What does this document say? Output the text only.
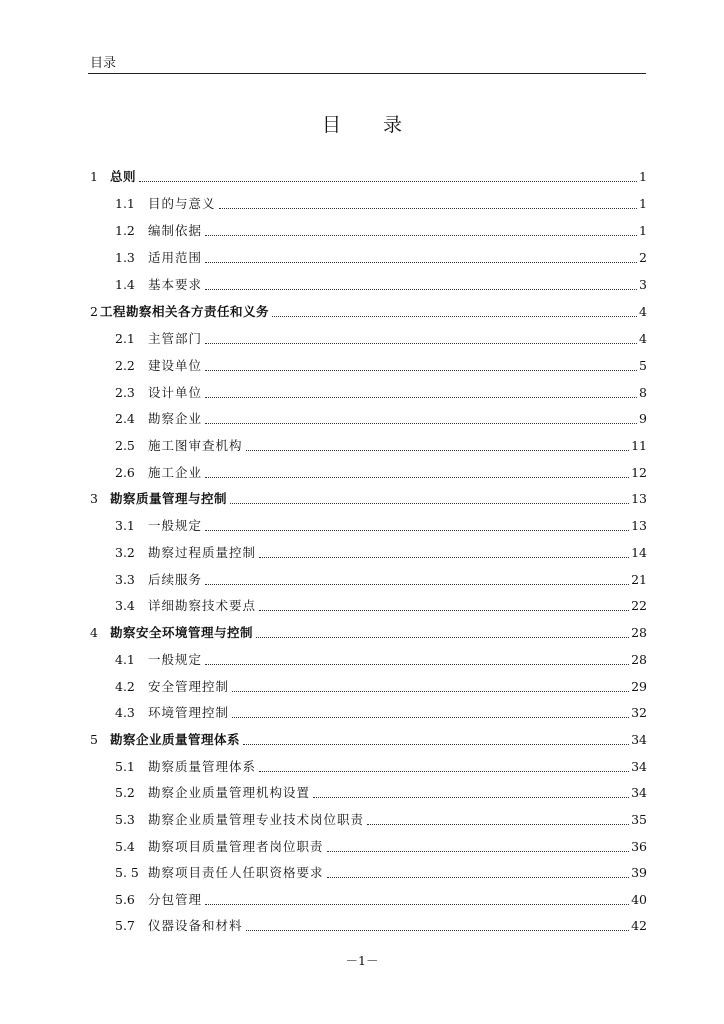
目录
目 录
1 总则	1
1.1	目的与意义	1
1.2	编制依据	1
1.3	适用范围	2
1.4	基本要求	3
2 工程勘察相关各方责任和义务	4
2.1	主管部门	4
2.2	建设单位	5
2.3	设计单位	8
2.4	勘察企业	9
2.5	施工图审查机构	11
2.6	施工企业	12
3 勘察质量管理与控制	13
3.1	一般规定	13
3.2	勘察过程质量控制	14
3.3	后续服务	21
3.4	详细勘察技术要点	22
4 勘察安全环境管理与控制	28
4.1	一般规定	28
4.2	安全管理控制	29
4.3	环境管理控制	32
5 勘察企业质量管理体系	34
5.1	勘察质量管理体系	34
5.2	勘察企业质量管理机构设置	34
5.3	勘察企业质量管理专业技术岗位职责	35
5.4	勘察项目质量管理者岗位职责	36
5. 5 勘察项目责任人任职资格要求	39
5.6	分包管理	40
5.7	仪器设备和材料	42
－1－
